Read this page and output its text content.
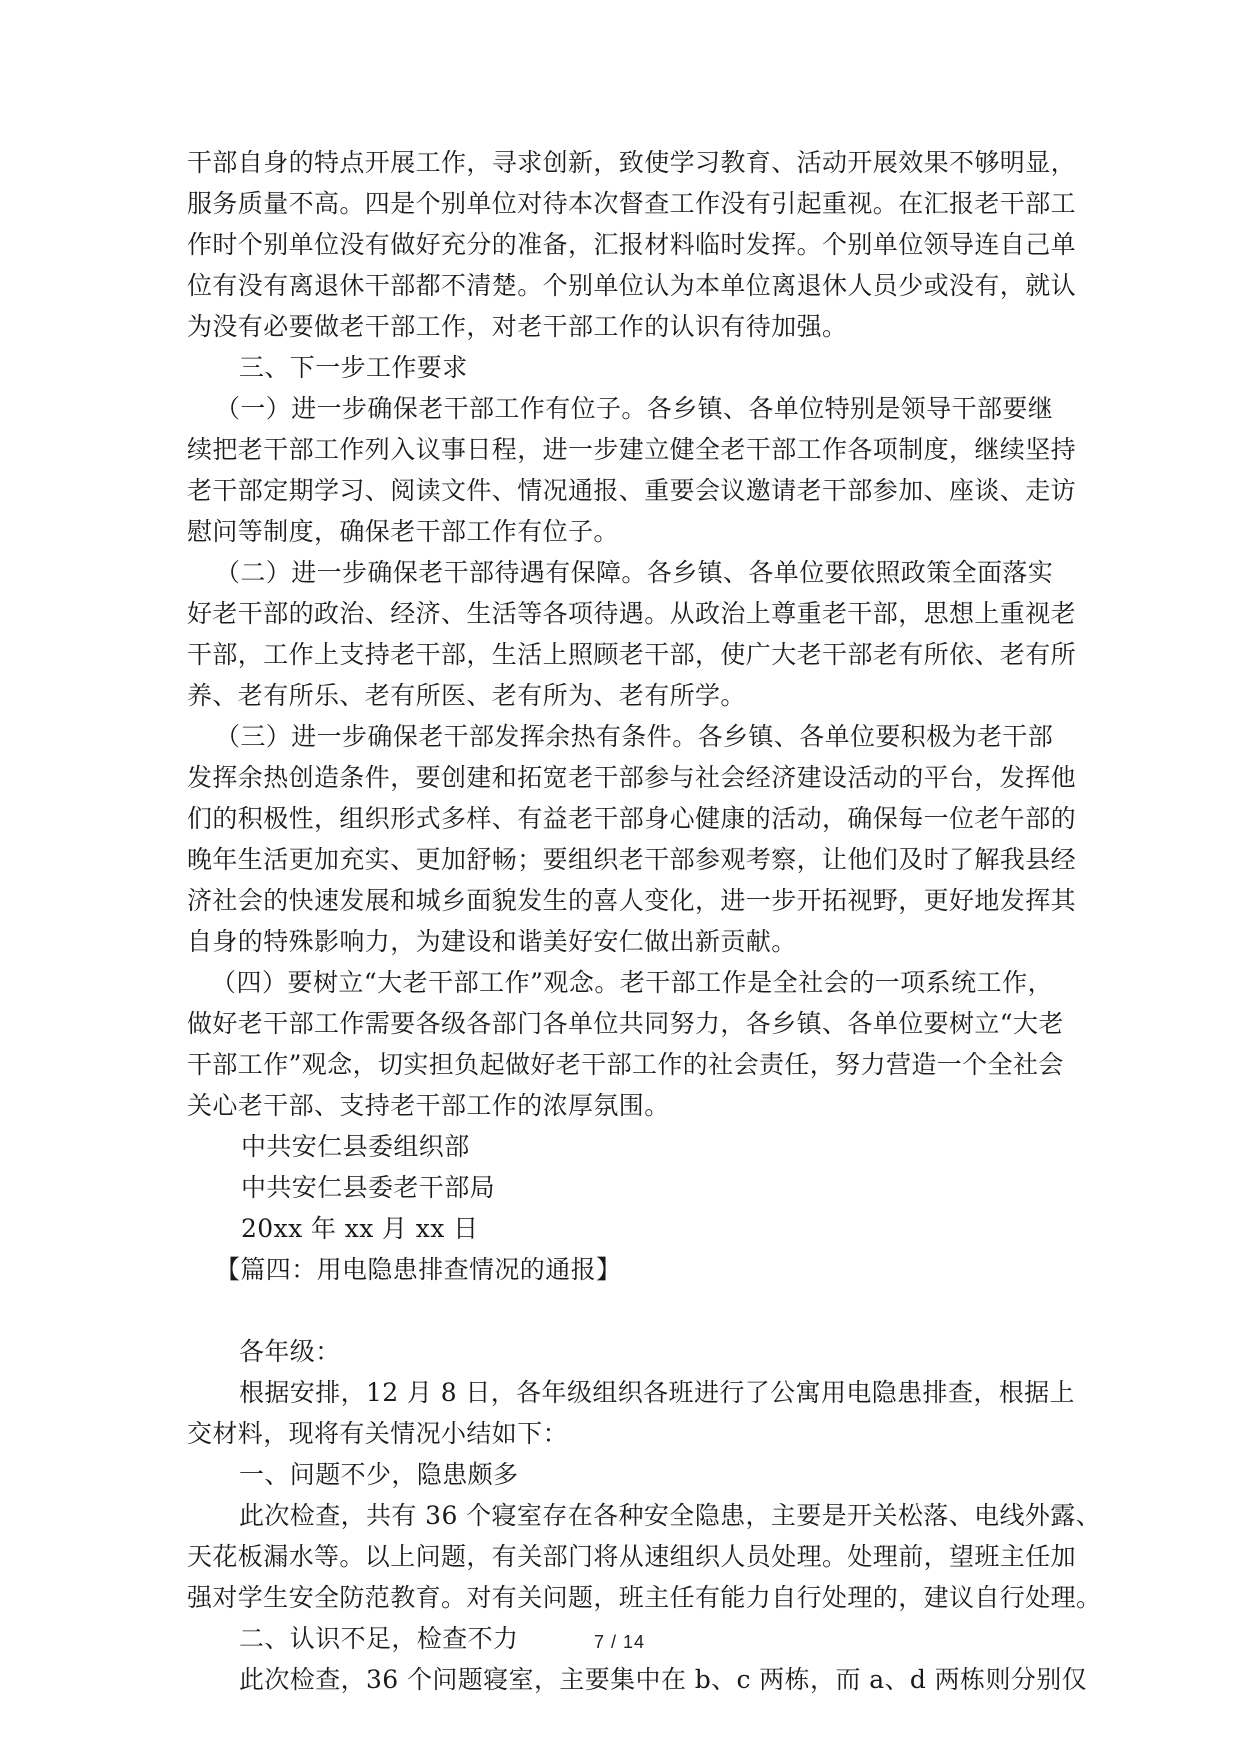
干部自身的特点开展工作，寻求创新，致使学习教育、活动开展效果不够明显，
服务质量不高。四是个别单位对待本次督查工作没有引起重视。在汇报老干部工
作时个别单位没有做好充分的准备，汇报材料临时发挥。个别单位领导连自己单
位有没有离退休干部都不清楚。个别单位认为本单位离退休人员少或没有，就认
为没有必要做老干部工作，对老干部工作的认识有待加强。
三、下一步工作要求
（一）进一步确保老干部工作有位子。各乡镇、各单位特别是领导干部要继
续把老干部工作列入议事日程，进一步建立健全老干部工作各项制度，继续坚持
老干部定期学习、阅读文件、情况通报、重要会议邀请老干部参加、座谈、走访
慰问等制度，确保老干部工作有位子。
（二）进一步确保老干部待遇有保障。各乡镇、各单位要依照政策全面落实
好老干部的政治、经济、生活等各项待遇。从政治上尊重老干部，思想上重视老
干部，工作上支持老干部，生活上照顾老干部，使广大老干部老有所依、老有所
养、老有所乐、老有所医、老有所为、老有所学。
（三）进一步确保老干部发挥余热有条件。各乡镇、各单位要积极为老干部
发挥余热创造条件，要创建和拓宽老干部参与社会经济建设活动的平台，发挥他
们的积极性，组织形式多样、有益老干部身心健康的活动，确保每一位老午部的
晚年生活更加充实、更加舒畅；要组织老干部参观考察，让他们及时了解我县经
济社会的快速发展和城乡面貌发生的喜人变化，进一步开拓视野，更好地发挥其
自身的特殊影响力，为建设和谐美好安仁做出新贡献。
（四）要树立“大老干部工作”观念。老干部工作是全社会的一项系统工作，
做好老干部工作需要各级各部门各单位共同努力，各乡镇、各单位要树立“大老
干部工作”观念，切实担负起做好老干部工作的社会责任，努力营造一个全社会
关心老干部、支持老干部工作的浓厚氛围。
中共安仁县委组织部
中共安仁县委老干部局
20xx 年 xx 月 xx 日
【篇四：用电隐患排查情况的通报】
各年级：
根据安排，12 月 8 日，各年级组织各班进行了公寓用电隐患排查，根据上
交材料，现将有关情况小结如下：
一、问题不少，隐患颇多
此次检查，共有 36 个寝室存在各种安全隐患，主要是开关松落、电线外露、
天花板漏水等。以上问题，有关部门将从速组织人员处理。处理前，望班主任加
强对学生安全防范教育。对有关问题，班主任有能力自行处理的，建议自行处理。
二、认识不足，检查不力
此次检查，36 个问题寝室，主要集中在 b、c 两栋，而 a、d 两栋则分别仅
7 / 14
